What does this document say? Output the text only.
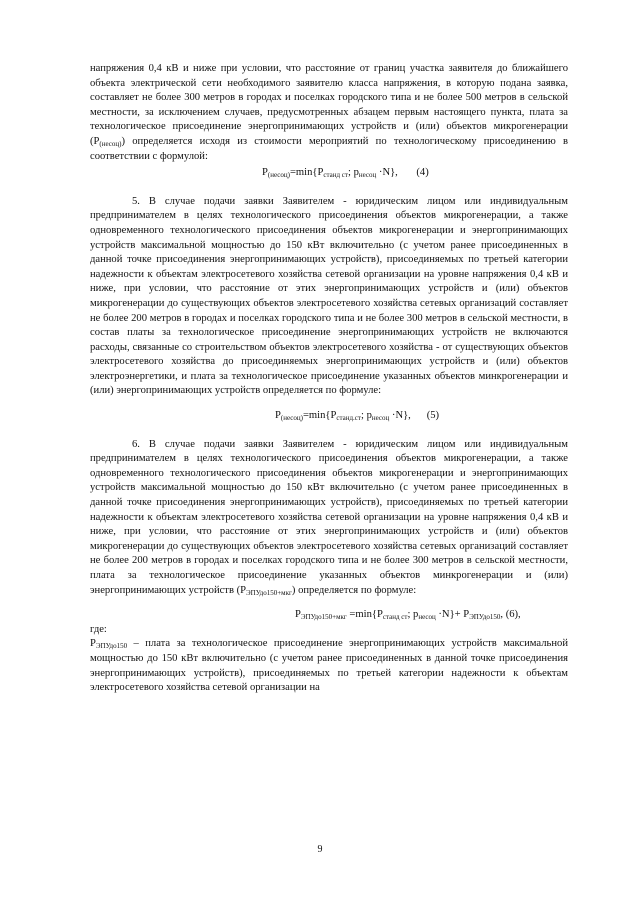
напряжения 0,4 кВ и ниже при условии, что расстояние от границ участка заявителя до ближайшего объекта электрической сети необходимого заявителю класса напряжения, в которую подана заявка, составляет не более 300 метров в городах и поселках городского типа и не более 500 метров в сельской местности, за исключением случаев, предусмотренных абзацем первым настоящего пункта, плата за технологическое присоединение энергопринимающих устройств и (или) объектов микрогенерации $(P_{(несоц)})$ определяется исходя из стоимости мероприятий по технологическому присоединению в соответствии с формулой:

$P_{(несоц)}=\min\{P_{станд ст}$; $p_{несоц} \cdot N$}, (4)

5. В случае подачи заявки Заявителем - юридическим лицом или индивидуальным предпринимателем в целях технологического присоединения объектов микрогенерации, а также одновременного технологического присоединения объектов микрогенерации и энергопринимающих устройств максимальной мощностью до 150 кВт включительно (с учетом ранее присоединенных в данной точке присоединения энергопринимающих устройств), присоединяемых по третьей категории надежности к объектам электросетевого хозяйства сетевой организации на уровне напряжения 0,4 кВ и ниже, при условии, что расстояние от этих энергопринимающих устройств и (или) объектов микрогенерации до существующих объектов электросетевого хозяйства сетевых организаций составляет не более 200 метров в городах и поселках городского типа и не более 300 метров в сельской местности, в состав платы за технологическое присоединение энергопринимающих устройств не включаются расходы, связанные со строительством объектов электросетевого хозяйства - от существующих объектов электросетевого хозяйства до присоединяемых энергопринимающих устройств и (или) объектов электроэнергетики, и плата за технологическое присоединение указанных объектов минкрогенерации и (или) энергопринимающих устройств определяется по формуле:

$P_{(несоц)}=\min\{P_{станд.ст}$; $p_{несоц} \cdot N$}, (5)

6. В случае подачи заявки Заявителем - юридическим лицом или индивидуальным предпринимателем в целях технологического присоединения объектов микрогенерации, а также одновременного технологического присоединения объектов микрогенерации и энергопринимающих устройств максимальной мощностью до 150 кВт включительно (с учетом ранее присоединенных в данной точке присоединения энергопринимающих устройств), присоединяемых по третьей категории надежности к объектам электросетевого хозяйства сетевой организации на уровне напряжения 0,4 кВ и ниже, при условии, что расстояние от этих энергопринимающих устройств и (или) объектов микрогенерации до существующих объектов электросетевого хозяйства сетевых организаций составляет не более 200 метров в городах и поселках городского типа и не более 300 метров в сельской местности, плата за технологическое присоединение указанных объектов минкрогенерации и (или) энергопринимающих устройств $(P_{ЭПУдо150+мкг})$ определяется по формуле:

$P_{ЭПУдо150+мкг} =\min\{P_{станд ст}$; $p_{несоц} \cdot N\}+ P_{ЭПУдо150}$, (6),

где:

$P_{ЭПУдо150}$ – плата за технологическое присоединение энергопринимающих устройств максимальной мощностью до 150 кВт включительно (с учетом ранее присоединенных в данной точке присоединения энергопринимающих устройств), присоединяемых по третьей категории надежности к объектам электросетевого хозяйства сетевой организации на

9
